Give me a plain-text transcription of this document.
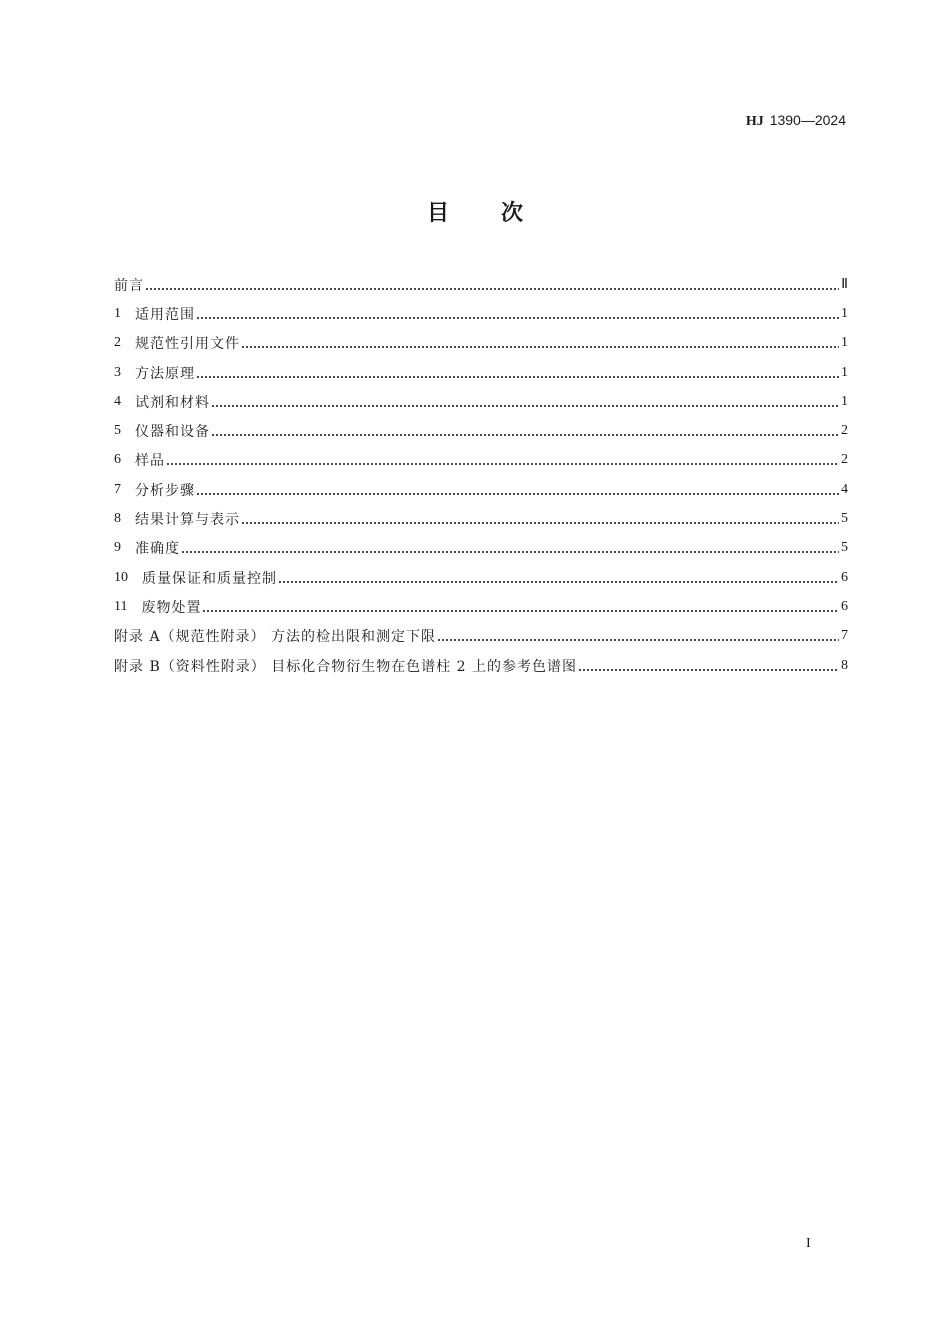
HJ 1390—2024
目次
前言	Ⅱ
1 适用范围	1
2 规范性引用文件	1
3 方法原理	1
4 试剂和材料	1
5 仪器和设备	2
6 样品	2
7 分析步骤	4
8 结果计算与表示	5
9 准确度	5
10 质量保证和质量控制	6
11 废物处置	6
附录 A（规范性附录） 方法的检出限和测定下限	7
附录 B（资料性附录） 目标化合物衍生物在色谱柱 2 上的参考色谱图	8
I
